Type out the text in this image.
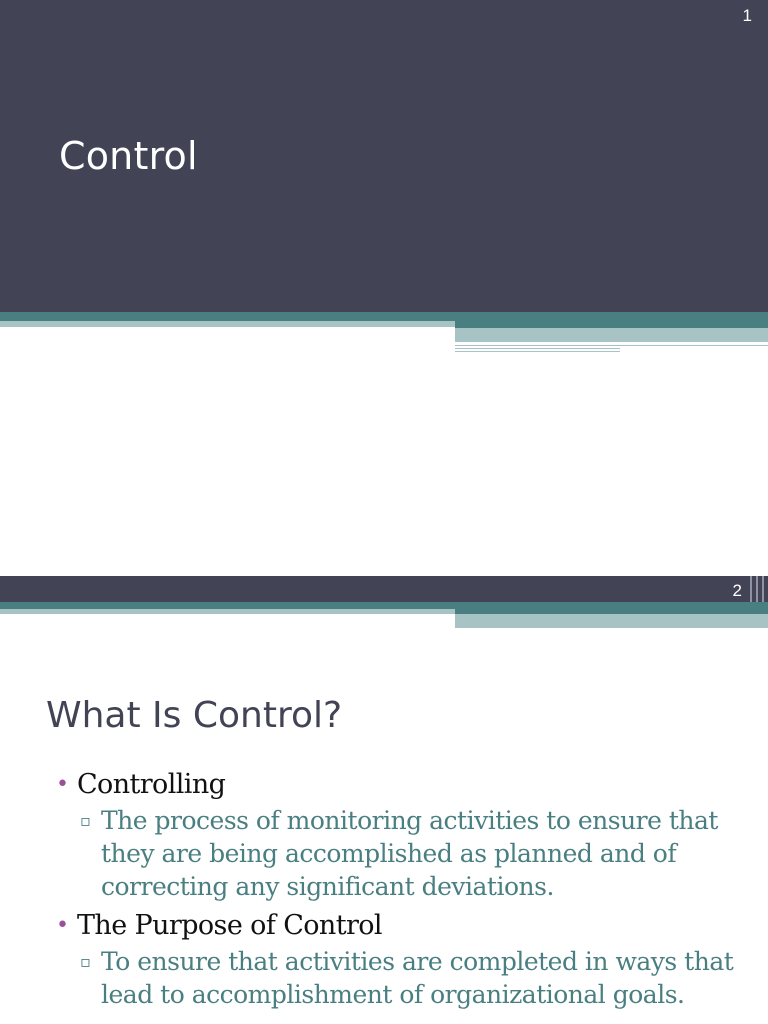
1
Control
2
What Is Control?
• Controlling
▫ The process of monitoring activities to ensure that they are being accomplished as planned and of correcting any significant deviations.
• The Purpose of Control
▫ To ensure that activities are completed in ways that lead to accomplishment of organizational goals.
